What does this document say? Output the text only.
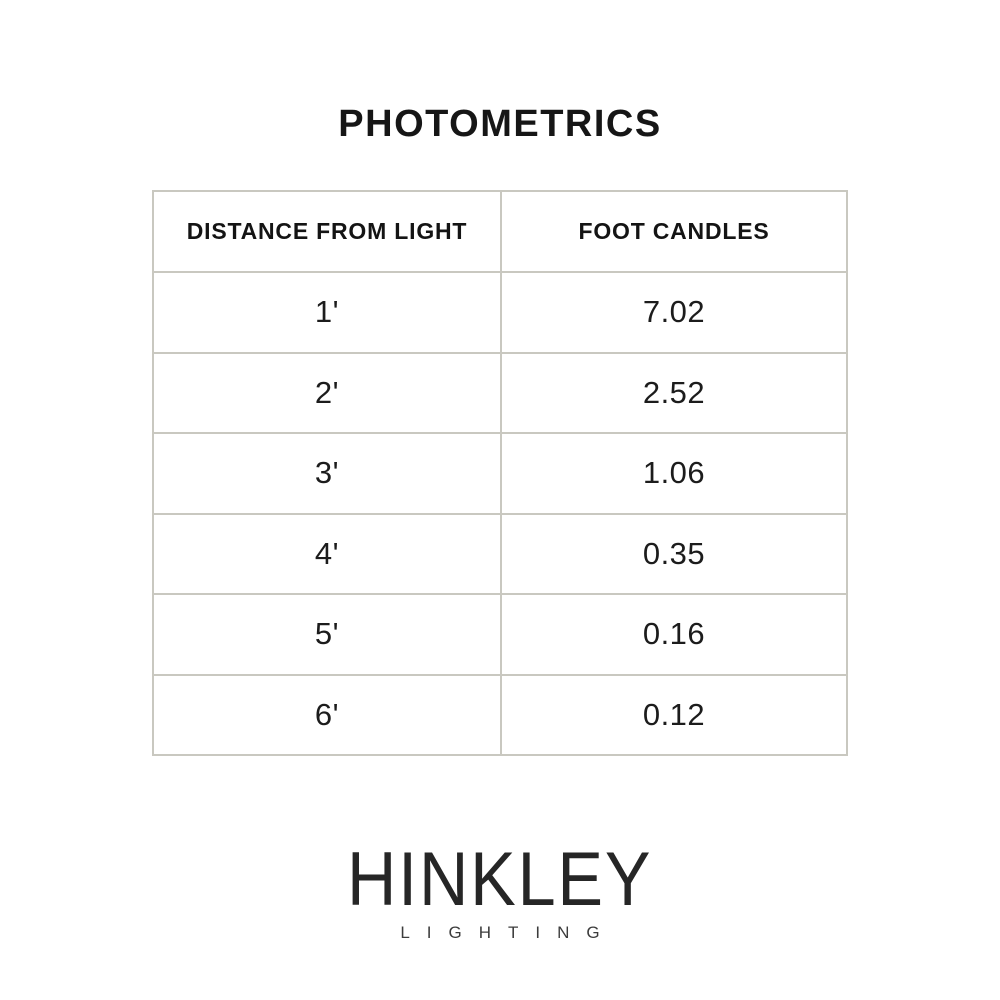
PHOTOMETRICS
DISTANCE FROM LIGHT	FOOT CANDLES
1'	7.02
2'	2.52
3'	1.06
4'	0.35
5'	0.16
6'	0.12
HINKLEY
LIGHTING
